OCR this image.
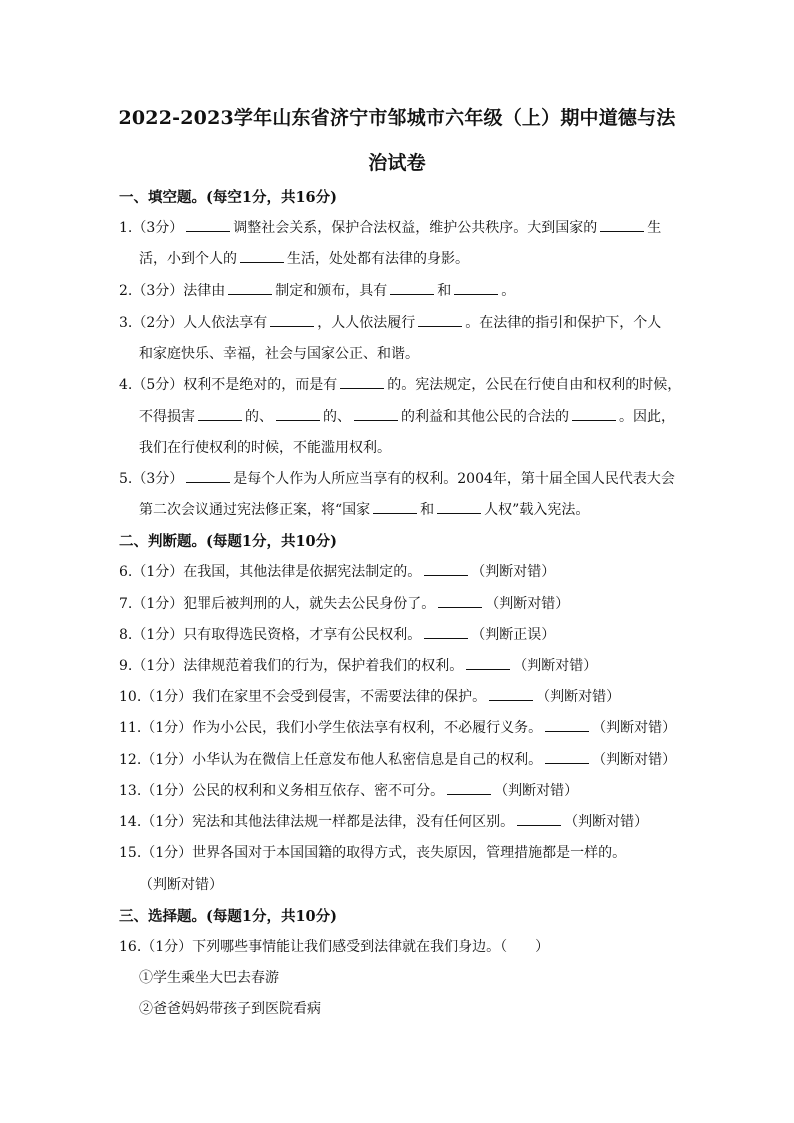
2022-2023学年山东省济宁市邹城市六年级（上）期中道德与法
治试卷
一、填空题。(每空1分，共16分)
1.（3分）	调整社会关系，保护合法权益，维护公共秩序。大到国家的	生
活，小到个人的	生活，处处都有法律的身影。
2.（3分）法律由	制定和颁布，具有	和	。
3.（2分）人人依法享有	，人人依法履行	。在法律的指引和保护下，个人
和家庭快乐、幸福，社会与国家公正、和谐。
4.（5分）权利不是绝对的，而是有	的。宪法规定，公民在行使自由和权利的时候，
不得损害	的、	的、	的利益和其他公民的合法的	。因此，
我们在行使权利的时候，不能滥用权利。
5.（3分）	是每个人作为人所应当享有的权利。2004年，第十届全国人民代表大会
第二次会议通过宪法修正案，将“国家	和	人权”载入宪法。
二、判断题。(每题1分，共10分)
6.（1分）在我国，其他法律是依据宪法制定的。	（判断对错）
7.（1分）犯罪后被判刑的人，就失去公民身份了。	（判断对错）
8.（1分）只有取得选民资格，才享有公民权利。	（判断正误）
9.（1分）法律规范着我们的行为，保护着我们的权利。	（判断对错）
10.（1分）我们在家里不会受到侵害，不需要法律的保护。	（判断对错）
11.（1分）作为小公民，我们小学生依法享有权利，不必履行义务。	（判断对错）
12.（1分）小华认为在微信上任意发布他人私密信息是自己的权利。	（判断对错）
13.（1分）公民的权利和义务相互依存、密不可分。	（判断对错）
14.（1分）宪法和其他法律法规一样都是法律，没有任何区别。	（判断对错）
15.（1分）世界各国对于本国国籍的取得方式，丧失原因，管理措施都是一样的。
（判断对错）
三、选择题。(每题1分，共10分)
16.（1分）下列哪些事情能让我们感受到法律就在我们身边。（　　）
①学生乘坐大巴去春游
②爸爸妈妈带孩子到医院看病
